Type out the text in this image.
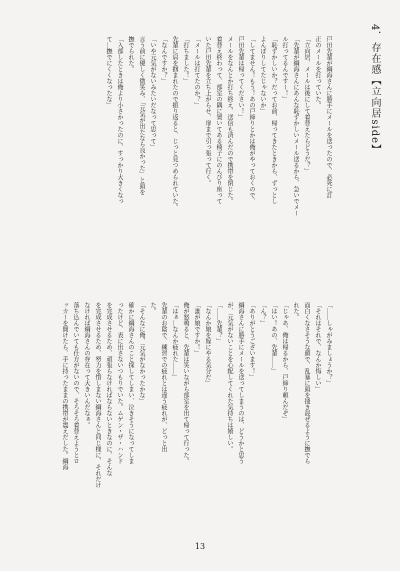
4．存在感【立向居side】

戸田先輩が綱海さんに勝手にメールを送ったので、必死に訂
正のメールを打っていた。
「立向居、メールは後にして着替えたらどうだ？」
「先輩が綱海さんにあんな恥ずかしいメール送るから、急いでメー
ル打ってるんですー！」
「恥ずかしいか？だってお前、帰ってきたときから、ずっとし
よんぼりしてたじゃないか」
「してません！もう！あの戸締りとかは俺がやっておくので、
戸田先輩は帰ってください！」
メールをなんとか打ち終え、送信も済んだので携帯を閉じた。
着替え終わって、部室の隅に置いてある椅子にのんびり座って
いた戸田先輩を立ち上がらせ、扉まで引っ張って行く。
「メールは打てたのか？」
「打ちました！」
先輩に肩を掴まれたので振り返ると、じっと見つめられていた。
「なんですか？」
「いや元気がないみたいだなって思って」
言う前に優しく微笑み、「元気が出たなら良かった」と頭を
撫でられた。
「入部したときは俺より小さかったのに、すっかり大きくなっ
て…撫でにくくなったな」

「……しゃがみましょうか？」
「それはそれで、なんか悔しい」
面白くなさそうな顔で、乱暴に頭を掻き混ぜるように撫でら
れた。
「じゃあ、俺は帰るから、戸締り頼んだぞ」
「はい！あの、先輩……」
「ん？」
「ありがとうございます！」
綱海さんに勝手にメールを送ってしまうのは、どうかと思う
が、元気がないことを心配してくれた気持ちは嬉しい。
「……先輩？」
「なんか娘を嫁にやる気分だ」
「誰が娘ですか！」
俺が怒鳴ると、先輩は笑いながら部室を出て帰って行った。
「はぁ…なんか疲れた……」
先輩のお陰で、練習での疲れとは違う疲れが、どっと出
た。
「そんなに俺、元気がなかったかな」
確かに綱海さんのこと探してしまい、泣きそうになってしま
ったけど、表に出さないつもりでいた。ムゲン・ザ・ハンド
を完成させるため、頑張らなければならないときなのに、そんな
を完成させるため、努力を惜しまない綱海さんと同じ様に、それだけ
なければ綱海さんの存在って大きいんだなぁ。
落ち込んでいても仕方がないので、そろそろ着替えようとロ
ッカーを開けたら、手に持ったままの携帯が震えだした。綱海

13
